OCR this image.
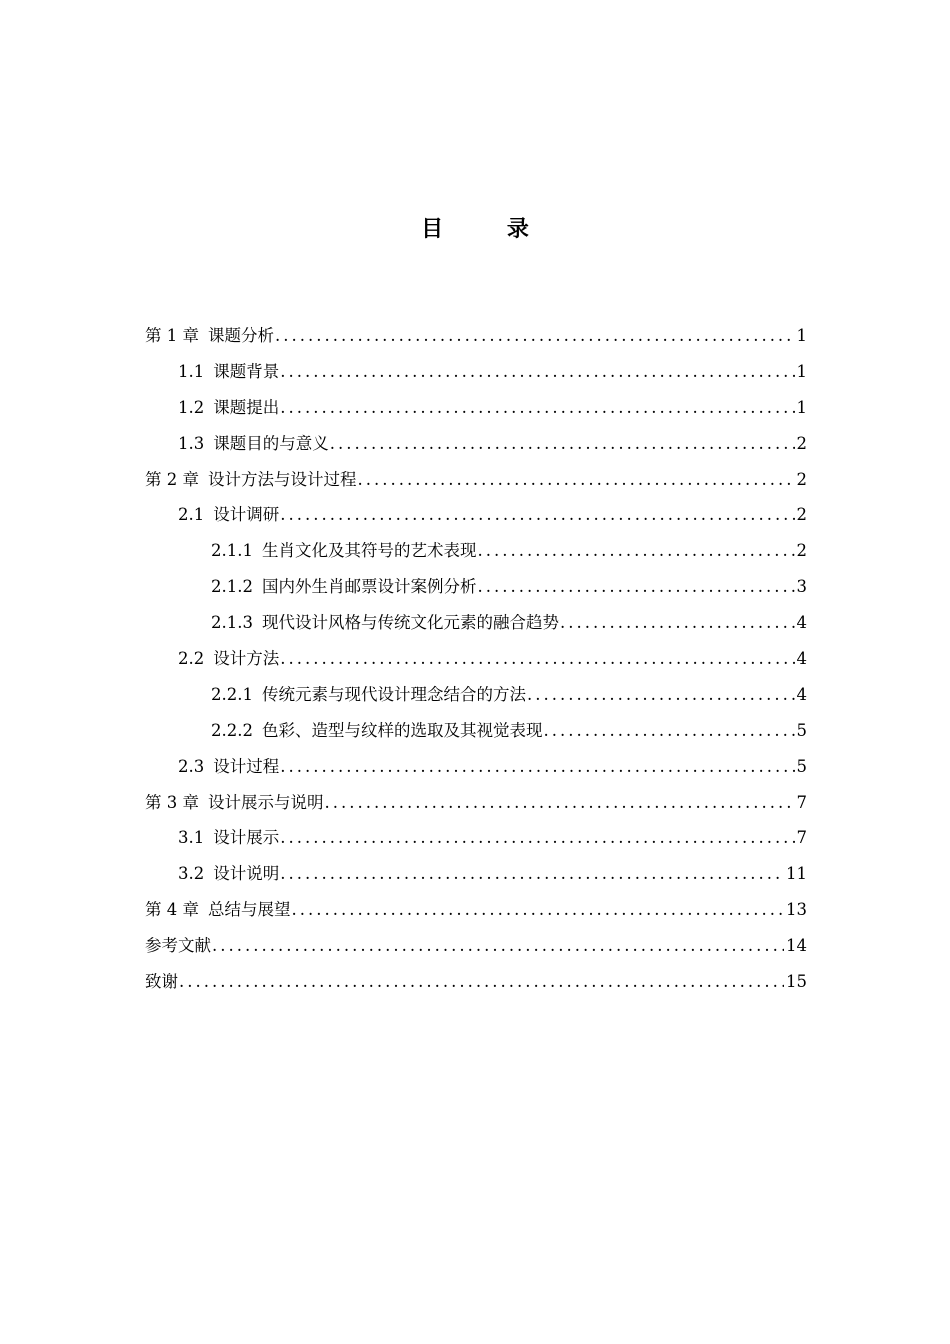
目 录
第 1 章 课题分析 .....	1
1.1 课题背景 .....	1
1.2 课题提出 .....	1
1.3 课题目的与意义 .....	2
第 2 章 设计方法与设计过程 .....	2
2.1 设计调研 .....	2
2.1.1 生肖文化及其符号的艺术表现 .....	2
2.1.2 国内外生肖邮票设计案例分析 .....	3
2.1.3 现代设计风格与传统文化元素的融合趋势 .....	4
2.2 设计方法 .....	4
2.2.1 传统元素与现代设计理念结合的方法 .....	4
2.2.2 色彩、造型与纹样的选取及其视觉表现 .....	5
2.3 设计过程 .....	5
第 3 章 设计展示与说明 .....	7
3.1 设计展示 .....	7
3.2 设计说明 .....	11
第 4 章 总结与展望 .....	13
参考文献 .....	14
致谢 .....	15
